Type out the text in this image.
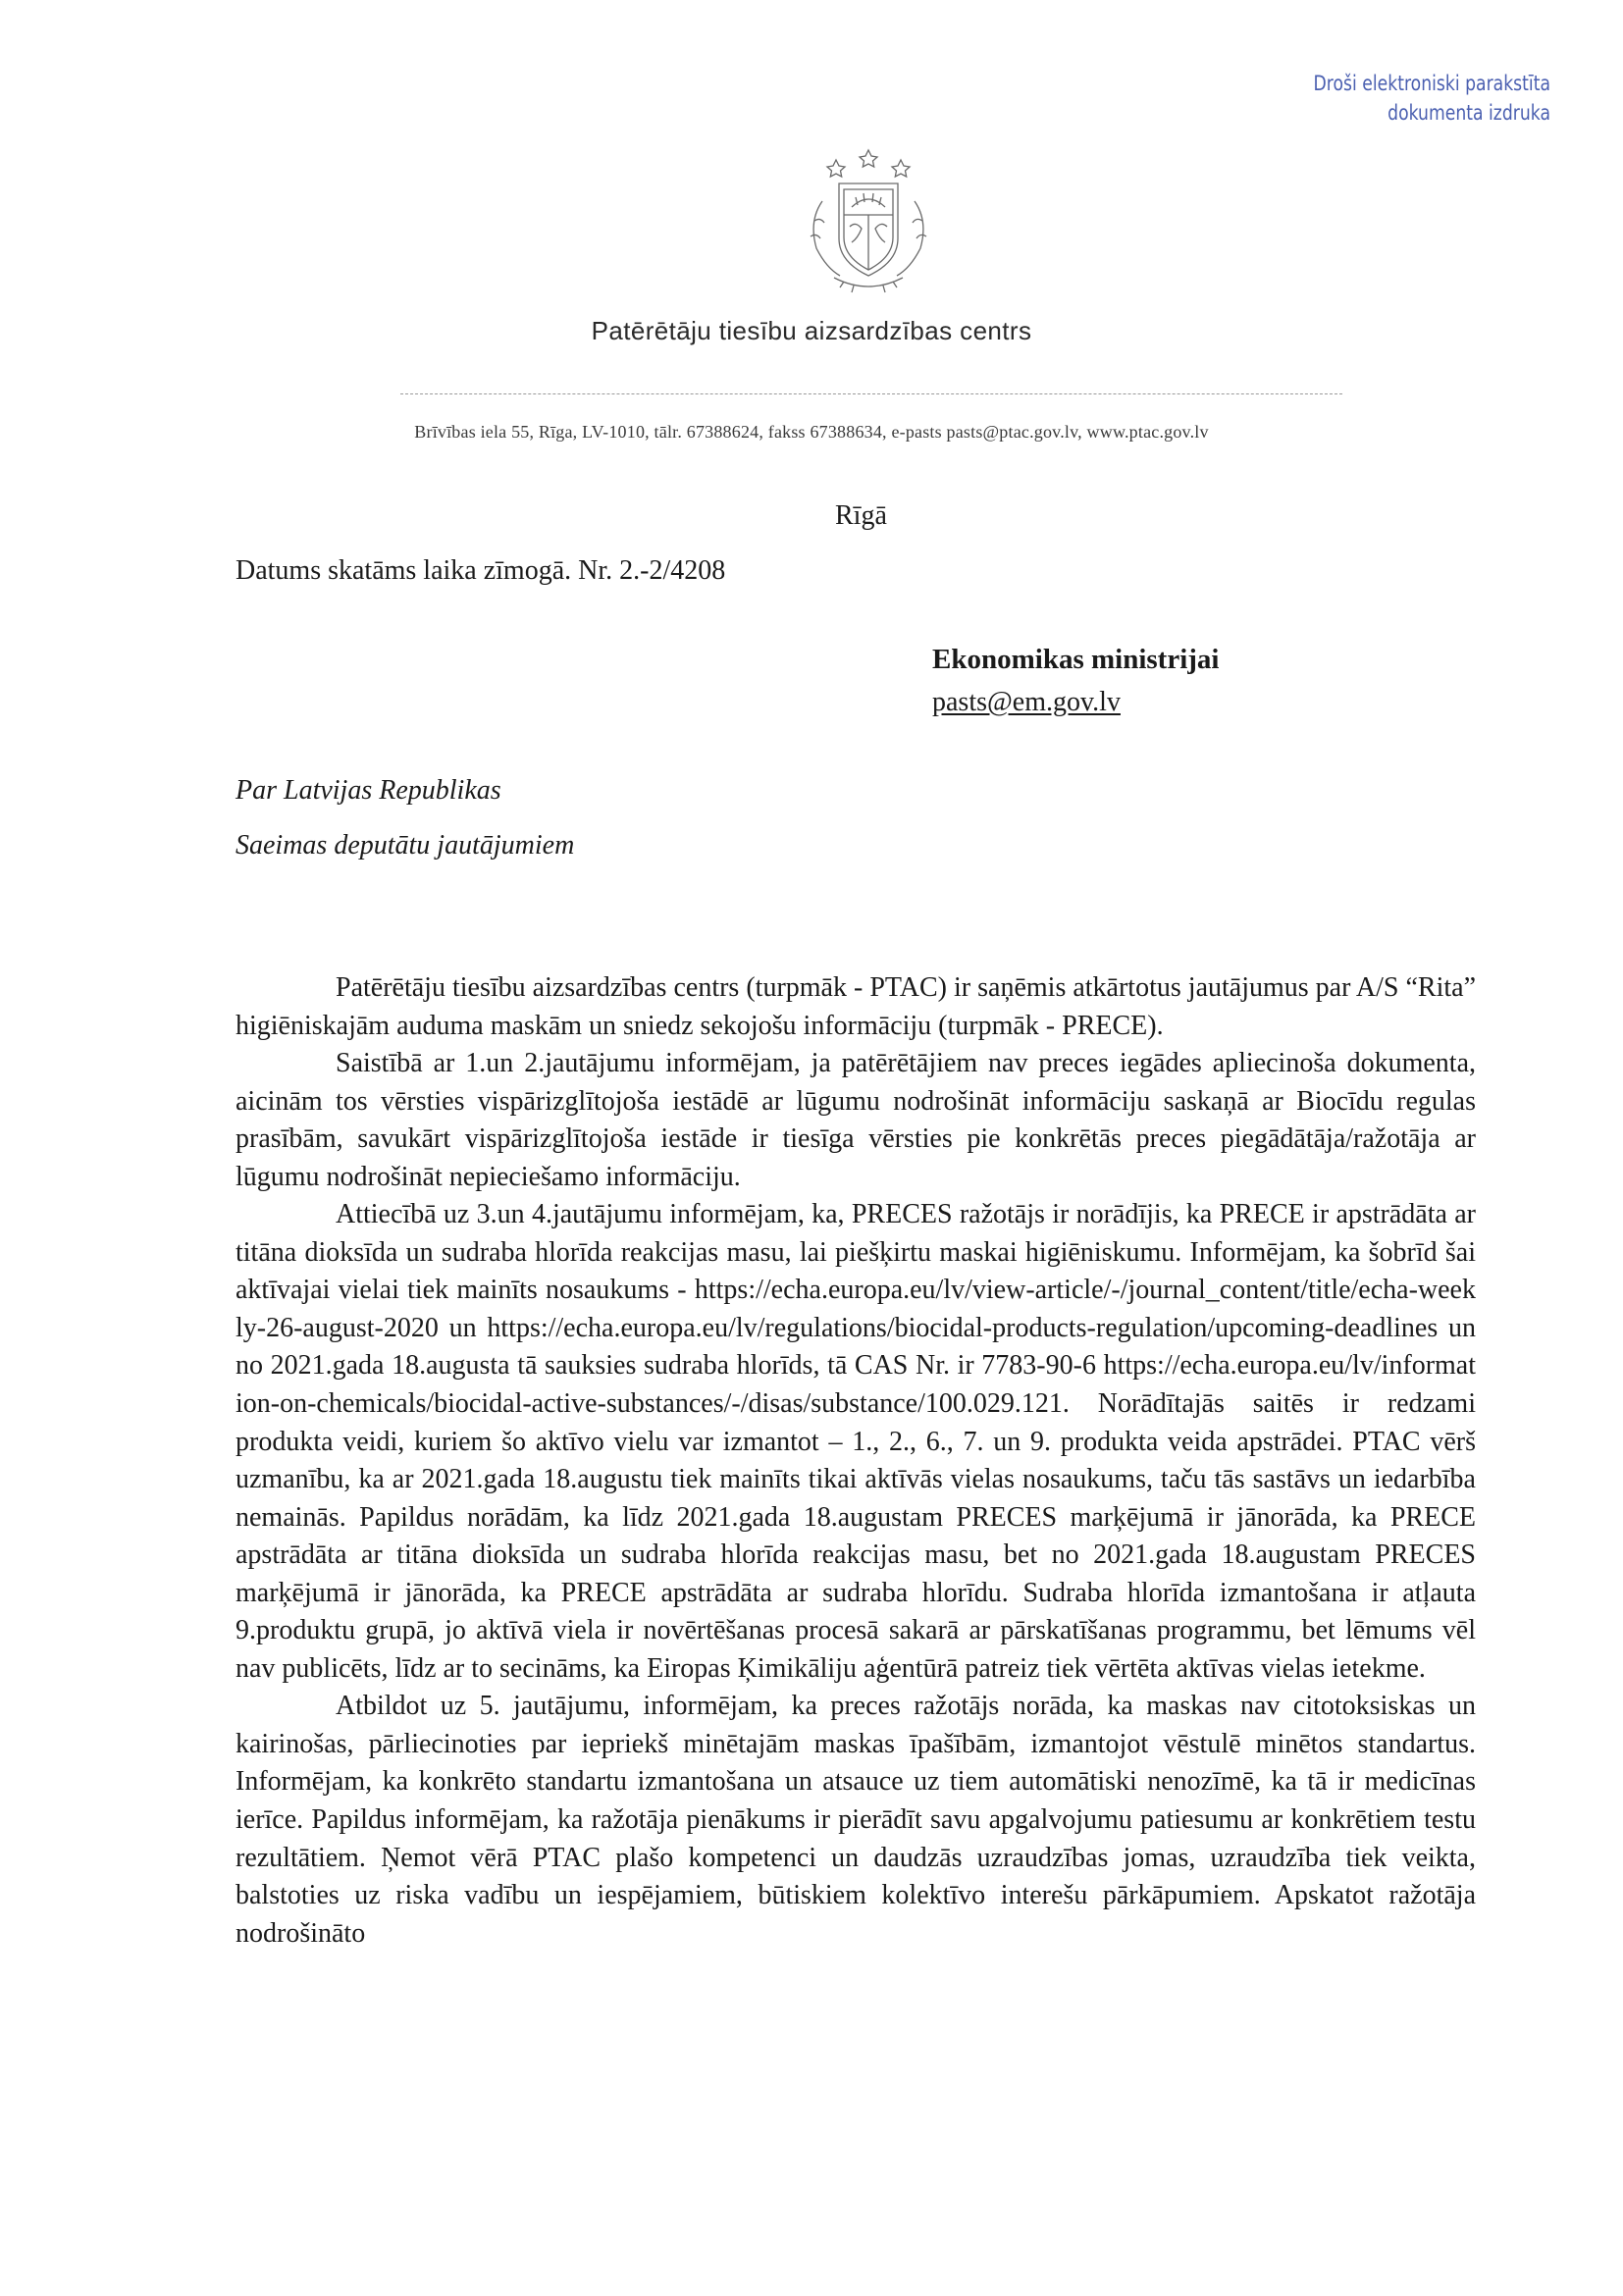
Droši elektroniski parakstīta
dokumenta izdruka
Patērētāju tiesību aizsardzības centrs
Brīvības iela 55, Rīga, LV-1010, tālr. 67388624, fakss 67388634, e-pasts pasts@ptac.gov.lv, www.ptac.gov.lv
Rīgā
Datums skatāms laika zīmogā. Nr. 2.-2/4208
Ekonomikas ministrijai
pasts@em.gov.lv
Par Latvijas Republikas
Saeimas deputātu jautājumiem

Patērētāju tiesību aizsardzības centrs (turpmāk - PTAC) ir saņēmis atkārtotus jautājumus par A/S “Rita” higiēniskajām auduma maskām un sniedz sekojošu informāciju (turpmāk - PRECE).

Saistībā ar 1.un 2.jautājumu informējam, ja patērētājiem nav preces iegādes apliecinoša dokumenta, aicinām tos vērsties vispārizglītojoša iestādē ar lūgumu nodrošināt informāciju saskaņā ar Biocīdu regulas prasībām, savukārt vispārizglītojoša iestāde ir tiesīga vērsties pie konkrētās preces piegādātāja/ražotāja ar lūgumu nodrošināt nepieciešamo informāciju.

Attiecībā uz 3.un 4.jautājumu informējam, ka, PRECES ražotājs ir norādījis, ka PRECE ir apstrādāta ar titāna dioksīda un sudraba hlorīda reakcijas masu, lai piešķirtu maskai higiēniskumu. Informējam, ka šobrīd šai aktīvajai vielai tiek mainīts nosaukums - https://echa.europa.eu/lv/view-article/-/journal_content/title/echa-weekly-26-august-2020 un https://echa.europa.eu/lv/regulations/biocidal-products-regulation/upcoming-deadlines un no 2021.gada 18.augusta tā sauksies sudraba hlorīds, tā CAS Nr. ir 7783-90-6 https://echa.europa.eu/lv/information-on-chemicals/biocidal-active-substances/-/disas/substance/100.029.121. Norādītajās saitēs ir redzami produkta veidi, kuriem šo aktīvo vielu var izmantot – 1., 2., 6., 7. un 9. produkta veida apstrādei. PTAC vērš uzmanību, ka ar 2021.gada 18.augustu tiek mainīts tikai aktīvās vielas nosaukums, taču tās sastāvs un iedarbība nemainās. Papildus norādām, ka līdz 2021.gada 18.augustam PRECES marķējumā ir jānorāda, ka PRECE apstrādāta ar titāna dioksīda un sudraba hlorīda reakcijas masu, bet no 2021.gada 18.augustam PRECES marķējumā ir jānorāda, ka PRECE apstrādāta ar sudraba hlorīdu. Sudraba hlorīda izmantošana ir atļauta 9.produktu grupā, jo aktīvā viela ir novērtēšanas procesā sakarā ar pārskatīšanas programmu, bet lēmums vēl nav publicēts, līdz ar to secināms, ka Eiropas Ķimikāliju aģentūrā patreiz tiek vērtēta aktīvas vielas ietekme.

Atbildot uz 5. jautājumu, informējam, ka preces ražotājs norāda, ka maskas nav citotoksiskas un kairinošas, pārliecinoties par iepriekš minētajām maskas īpašībām, izmantojot vēstulē minētos standartus. Informējam, ka konkrēto standartu izmantošana un atsauce uz tiem automātiski nenozīmē, ka tā ir medicīnas ierīce. Papildus informējam, ka ražotāja pienākums ir pierādīt savu apgalvojumu patiesumu ar konkrētiem testu rezultātiem. Ņemot vērā PTAC plašo kompetenci un daudzās uzraudzības jomas, uzraudzība tiek veikta, balstoties uz riska vadību un iespējamiem, būtiskiem kolektīvo interešu pārkāpumiem. Apskatot ražotāja nodrošināto
